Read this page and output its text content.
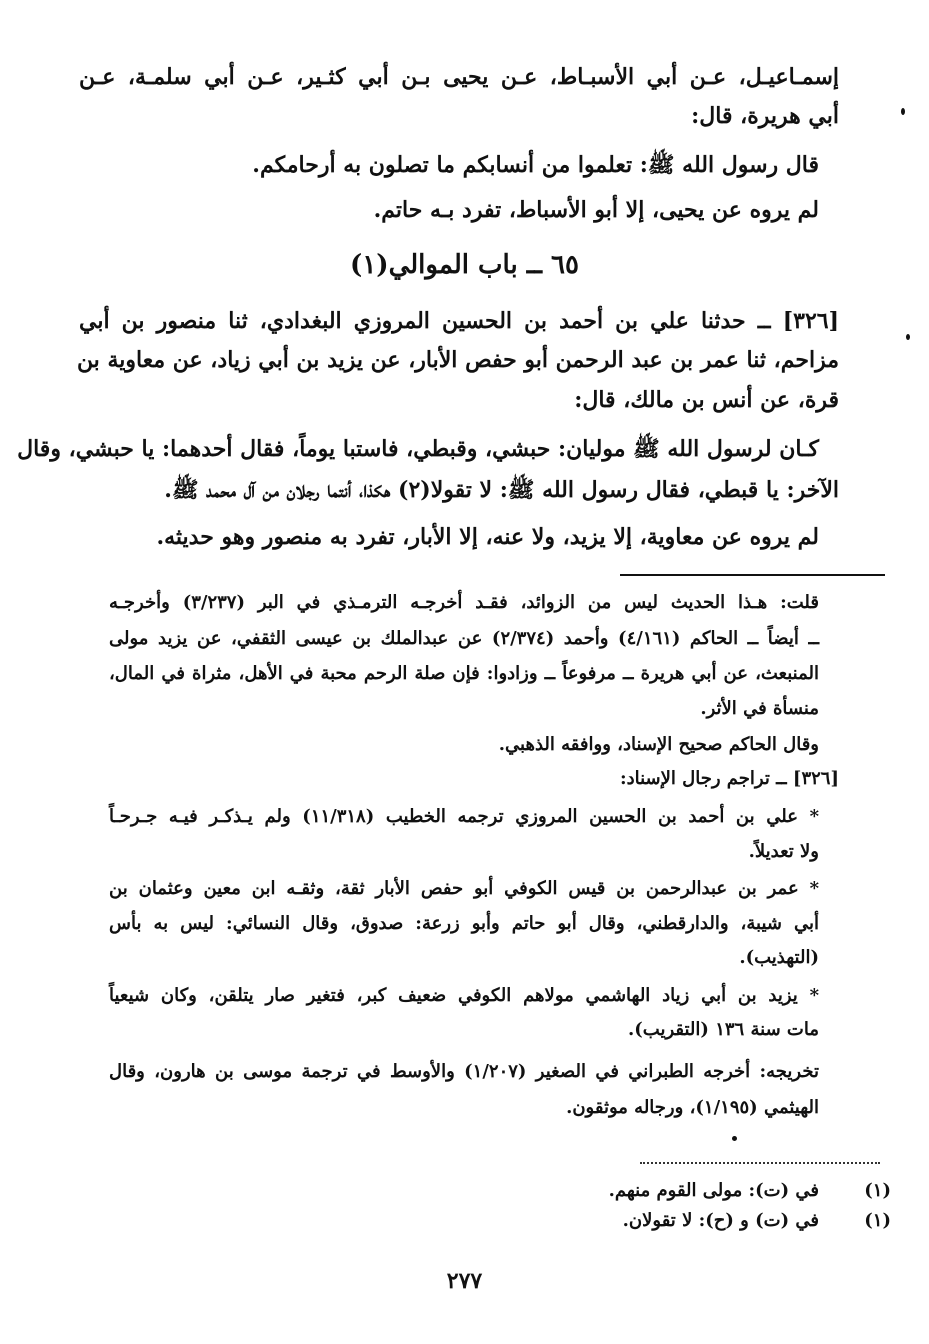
إسمـاعيـل، عـن أبي الأسبـاط، عـن يحيى بـن أبي كثـير، عـن أبي سلمـة، عـن
أبي هريرة، قال:
قال رسول الله ﷺ: تعلموا من أنسابكم ما تصلون به أرحامكم.
لم يروه عن يحيى، إلا أبو الأسباط، تفرد بـه حاتم.
٦٥ ــ باب الموالي(١)
[٣٢٦] ــ حدثنا علي بن أحمد بن الحسين المروزي البغدادي، ثنا منصور بن أبي
مزاحم، ثنا عمر بن عبد الرحمن أبو حفص الأبار، عن يزيد بن أبي زياد، عن معاوية بن
قرة، عن أنس بن مالك، قال:
كـان لرسول الله ﷺ موليان: حبشي، وقبطي، فاستبا يوماً، فقال أحدهما: يا حبشي، وقال
الآخر: يا قبطي، فقال رسول الله ﷺ: لا تقولا(٢) هكذا، أنتما رجلان من آل محمد ﷺ.
لم يروه عن معاوية، إلا يزيد، ولا عنه، إلا الأبار، تفرد به منصور وهو حديثه.
قلت: هـذا الحديث ليس من الزوائد، فقـد أخرجـه الترمـذي في البر (٣/٢٣٧) وأخرجـه
ــ أيضاً ــ الحاكم (٤/١٦١) وأحمد (٢/٣٧٤) عن عبدالملك بن عيسى الثقفي، عن يزيد مولى
المنبعث، عن أبي هريرة ــ مرفوعاً ــ وزادوا: فإن صلة الرحم محبة في الأهل، مثراة في المال،
منسأة في الأثر.
وقال الحاكم صحيح الإسناد، ووافقه الذهبي.
[٣٢٦] ــ تراجم رجال الإسناد:
* علي بن أحمد بن الحسين المروزي ترجمه الخطيب (١١/٣١٨) ولم يـذكـر فيـه جـرحـاً
ولا تعديلاً.
* عمر بن عبدالرحمن بن قيس الكوفي أبو حفص الأبار ثقة، وثقـه ابن معين وعثمان بن
أبي شيبة، والدارقطني، وقال أبو حاتم وأبو زرعة: صدوق، وقال النسائي: ليس به بأس
(التهذيب).
* يزيد بن أبي زياد الهاشمي مولاهم الكوفي ضعيف كبر، فتغير صار يتلقن، وكان شيعياً
مات سنة ١٣٦ (التقريب).
تخريجه: أخرجه الطبراني في الصغير (١/٢٠٧) والأوسط في ترجمة موسى بن هارون، وقال
الهيثمي (١/١٩٥)، ورجاله موثقون.
(١)
في (ت): مولى القوم منهم.
(١)
في (ت) و (ح): لا تقولان.
٢٧٧
